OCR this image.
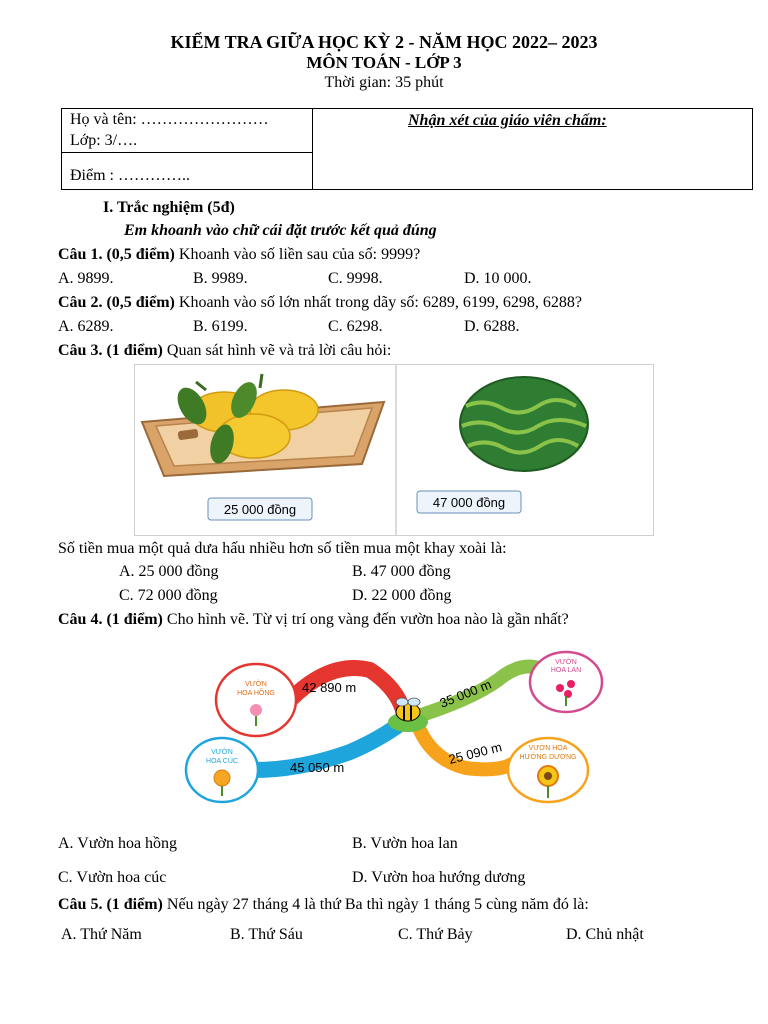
KIỂM TRA GIỮA HỌC KỲ 2 - NĂM HỌC 2022– 2023
MÔN TOÁN - LỚP 3
Thời gian: 35 phút
Họ và tên: ……………………
Lớp: 3/….
Điểm : …………..
Nhận xét của giáo viên chấm:
I. Trắc nghiệm (5đ)
Em khoanh vào chữ cái đặt trước kết quả đúng
Câu 1. (0,5 điểm) Khoanh vào số liền sau của số: 9999?
A. 9899.	B. 9989.	C. 9998.	D. 10 000.
Câu 2. (0,5 điểm) Khoanh vào số lớn nhất trong dãy số: 6289, 6199, 6298, 6288?
A. 6289.	B. 6199.	C. 6298.	D. 6288.
Câu 3. (1 điểm) Quan sát hình vẽ và trả lời câu hỏi:
25 000 đồng	47 000 đồng
Số tiền mua một quả dưa hấu nhiều hơn số tiền mua một khay xoài là:
A. 25 000 đồng	B. 47 000 đồng
C. 72 000 đồng	D. 22 000 đồng
Câu 4. (1 điểm) Cho hình vẽ. Từ vị trí ong vàng đến vườn hoa nào là gần nhất?
VƯỜN
HOA HỒNG
VƯỜN
HOA LAN
VƯỜN
HOA CÚC
VƯỜN HOA
HƯỚNG DƯƠNG
42 890 m	35 000 m
45 050 m
25 090 m
A. Vườn hoa hồng	B. Vườn hoa lan
C. Vườn hoa cúc	D. Vườn hoa hướng dương
Câu 5. (1 điểm) Nếu ngày 27 tháng 4 là thứ Ba thì ngày 1 tháng 5 cùng năm đó là:
A. Thứ Năm	B. Thứ Sáu	C. Thứ Bảy	D. Chủ nhật
